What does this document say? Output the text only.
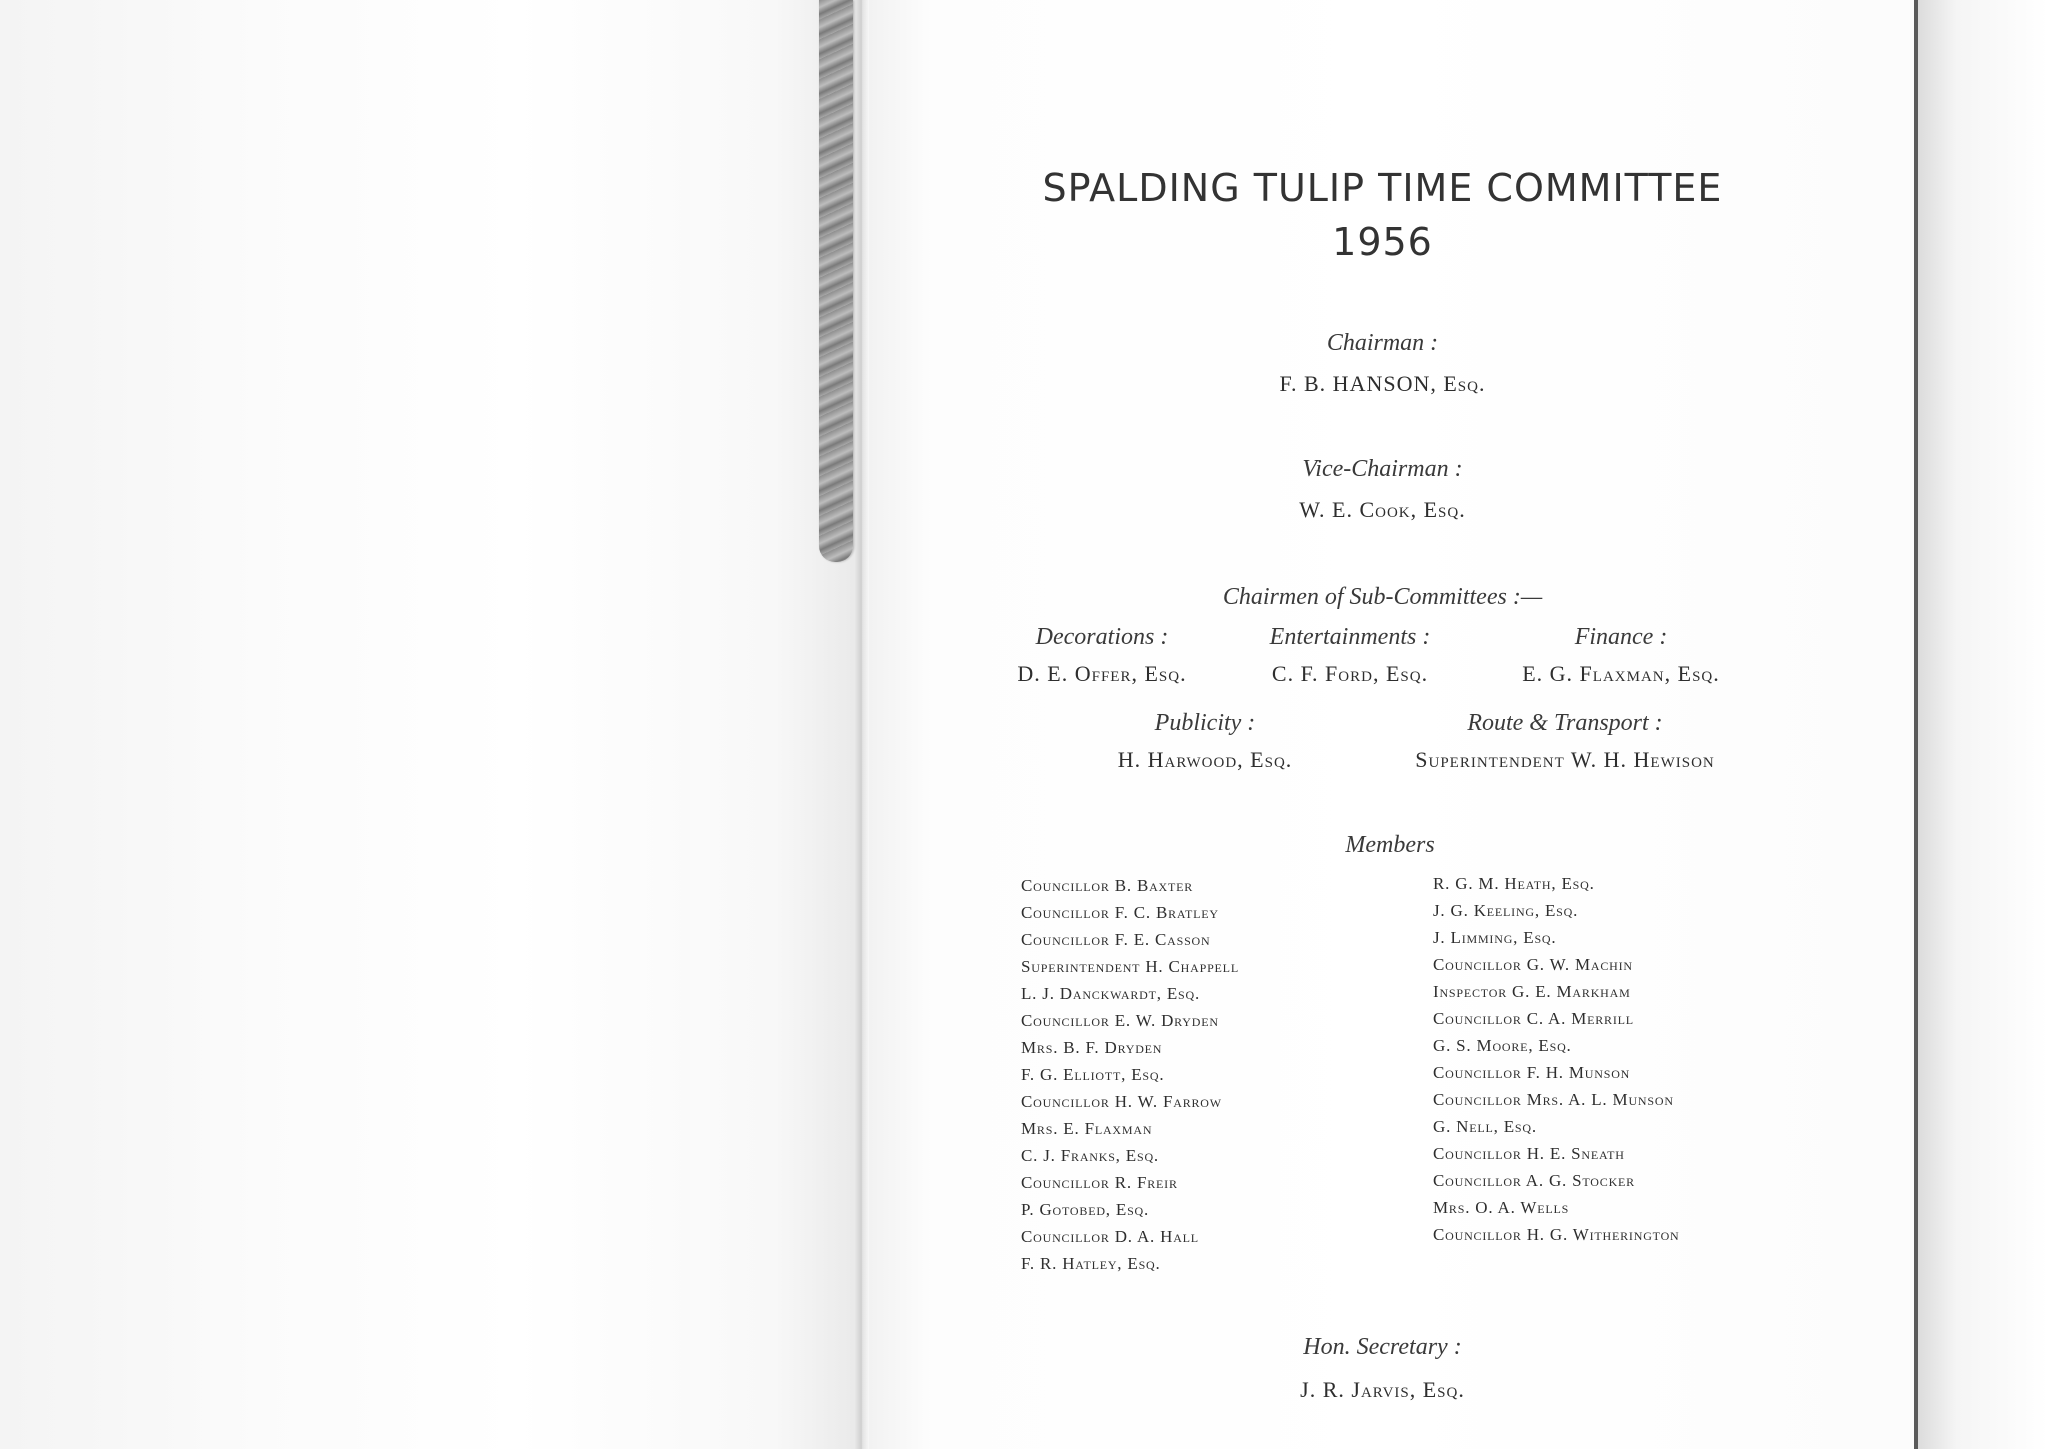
SPALDING TULIP TIME COMMITTEE
1956
Chairman :
F. B. HANSON, Esq.
Vice-Chairman :
W. E. Cook, Esq.
Chairmen of Sub-Committees :—
Decorations :
D. E. Offer, Esq.
Entertainments :
C. F. Ford, Esq.
Finance :
E. G. Flaxman, Esq.
Publicity :
H. Harwood, Esq.
Route & Transport :
Superintendent W. H. Hewison
Members
Councillor B. Baxter
Councillor F. C. Bratley
Councillor F. E. Casson
Superintendent H. Chappell
L. J. Danckwardt, Esq.
Councillor E. W. Dryden
Mrs. B. F. Dryden
F. G. Elliott, Esq.
Councillor H. W. Farrow
Mrs. E. Flaxman
C. J. Franks, Esq.
Councillor R. Freir
P. Gotobed, Esq.
Councillor D. A. Hall
F. R. Hatley, Esq.
R. G. M. Heath, Esq.
J. G. Keeling, Esq.
J. Limming, Esq.
Councillor G. W. Machin
Inspector G. E. Markham
Councillor C. A. Merrill
G. S. Moore, Esq.
Councillor F. H. Munson
Councillor Mrs. A. L. Munson
G. Nell, Esq.
Councillor H. E. Sneath
Councillor A. G. Stocker
Mrs. O. A. Wells
Councillor H. G. Witherington
Hon. Secretary :
J. R. Jarvis, Esq.
